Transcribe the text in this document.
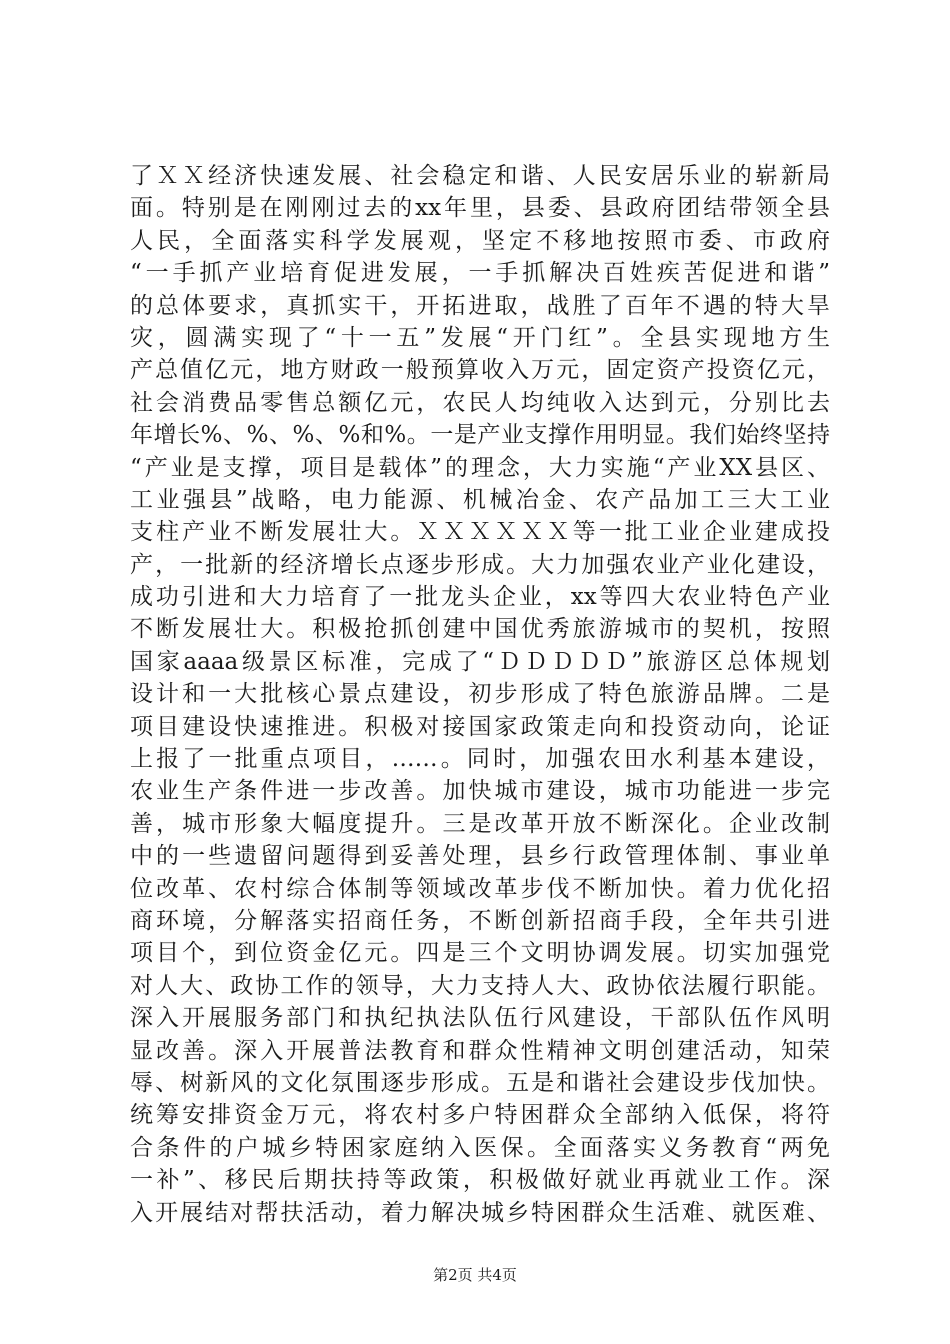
了ＸＸ经济快速发展、社会稳定和谐、人民安居乐业的崭新局
面。特别是在刚刚过去的xx年里，县委、县政府团结带领全县
人民，全面落实科学发展观，坚定不移地按照市委、市政府
“一手抓产业培育促进发展，一手抓解决百姓疾苦促进和谐”
的总体要求，真抓实干，开拓进取，战胜了百年不遇的特大旱
灾，圆满实现了“十一五”发展“开门红”。全县实现地方生
产总值亿元，地方财政一般预算收入万元，固定资产投资亿元，
社会消费品零售总额亿元，农民人均纯收入达到元，分别比去
年增长%、%、%、%和%。一是产业支撑作用明显。我们始终坚持
“产业是支撑，项目是载体”的理念，大力实施“产业XX县区、
工业强县”战略，电力能源、机械冶金、农产品加工三大工业
支柱产业不断发展壮大。ＸＸＸＸＸＸ等一批工业企业建成投
产，一批新的经济增长点逐步形成。大力加强农业产业化建设，
成功引进和大力培育了一批龙头企业，xx等四大农业特色产业
不断发展壮大。积极抢抓创建中国优秀旅游城市的契机，按照
国家aaaa级景区标准，完成了“ＤＤＤＤＤ”旅游区总体规划
设计和一大批核心景点建设，初步形成了特色旅游品牌。二是
项目建设快速推进。积极对接国家政策走向和投资动向，论证
上报了一批重点项目，……。同时，加强农田水利基本建设，
农业生产条件进一步改善。加快城市建设，城市功能进一步完
善，城市形象大幅度提升。三是改革开放不断深化。企业改制
中的一些遗留问题得到妥善处理，县乡行政管理体制、事业单
位改革、农村综合体制等领域改革步伐不断加快。着力优化招
商环境，分解落实招商任务，不断创新招商手段，全年共引进
项目个，到位资金亿元。四是三个文明协调发展。切实加强党
对人大、政协工作的领导，大力支持人大、政协依法履行职能。
深入开展服务部门和执纪执法队伍行风建设，干部队伍作风明
显改善。深入开展普法教育和群众性精神文明创建活动，知荣
辱、树新风的文化氛围逐步形成。五是和谐社会建设步伐加快。
统筹安排资金万元，将农村多户特困群众全部纳入低保，将符
合条件的户城乡特困家庭纳入医保。全面落实义务教育“两免
一补”、移民后期扶持等政策，积极做好就业再就业工作。深
入开展结对帮扶活动，着力解决城乡特困群众生活难、就医难、
第2页 共4页
